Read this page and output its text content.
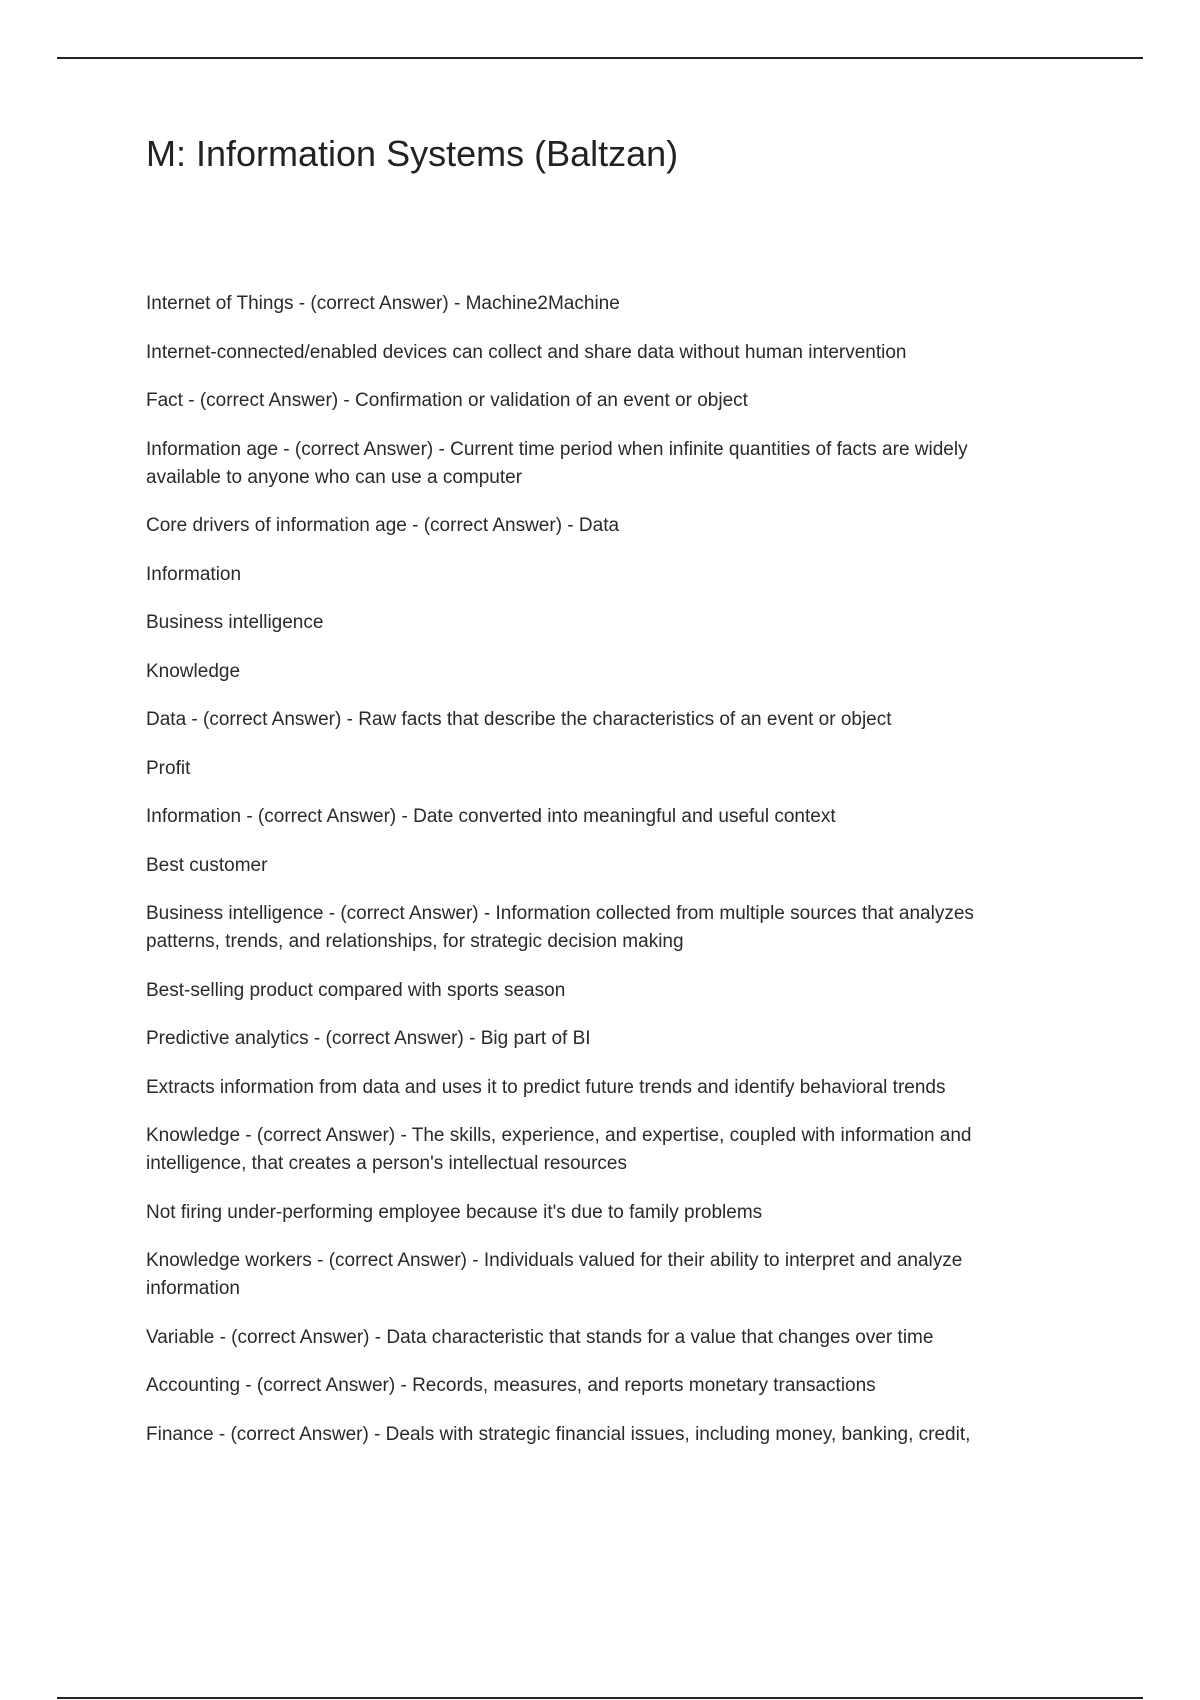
M: Information Systems (Baltzan)

Internet of Things - (correct Answer) - Machine2Machine

Internet-connected/enabled devices can collect and share data without human intervention

Fact - (correct Answer) - Confirmation or validation of an event or object

Information age - (correct Answer) - Current time period when infinite quantities of facts are widely available to anyone who can use a computer

Core drivers of information age - (correct Answer) - Data

Information

Business intelligence

Knowledge

Data - (correct Answer) - Raw facts that describe the characteristics of an event or object

Profit

Information - (correct Answer) - Date converted into meaningful and useful context

Best customer

Business intelligence - (correct Answer) - Information collected from multiple sources that analyzes patterns, trends, and relationships, for strategic decision making

Best-selling product compared with sports season

Predictive analytics - (correct Answer) - Big part of BI

Extracts information from data and uses it to predict future trends and identify behavioral trends

Knowledge - (correct Answer) - The skills, experience, and expertise, coupled with information and intelligence, that creates a person's intellectual resources

Not firing under-performing employee because it's due to family problems

Knowledge workers - (correct Answer) - Individuals valued for their ability to interpret and analyze information

Variable - (correct Answer) - Data characteristic that stands for a value that changes over time

Accounting - (correct Answer) - Records, measures, and reports monetary transactions

Finance - (correct Answer) - Deals with strategic financial issues, including money, banking, credit,
